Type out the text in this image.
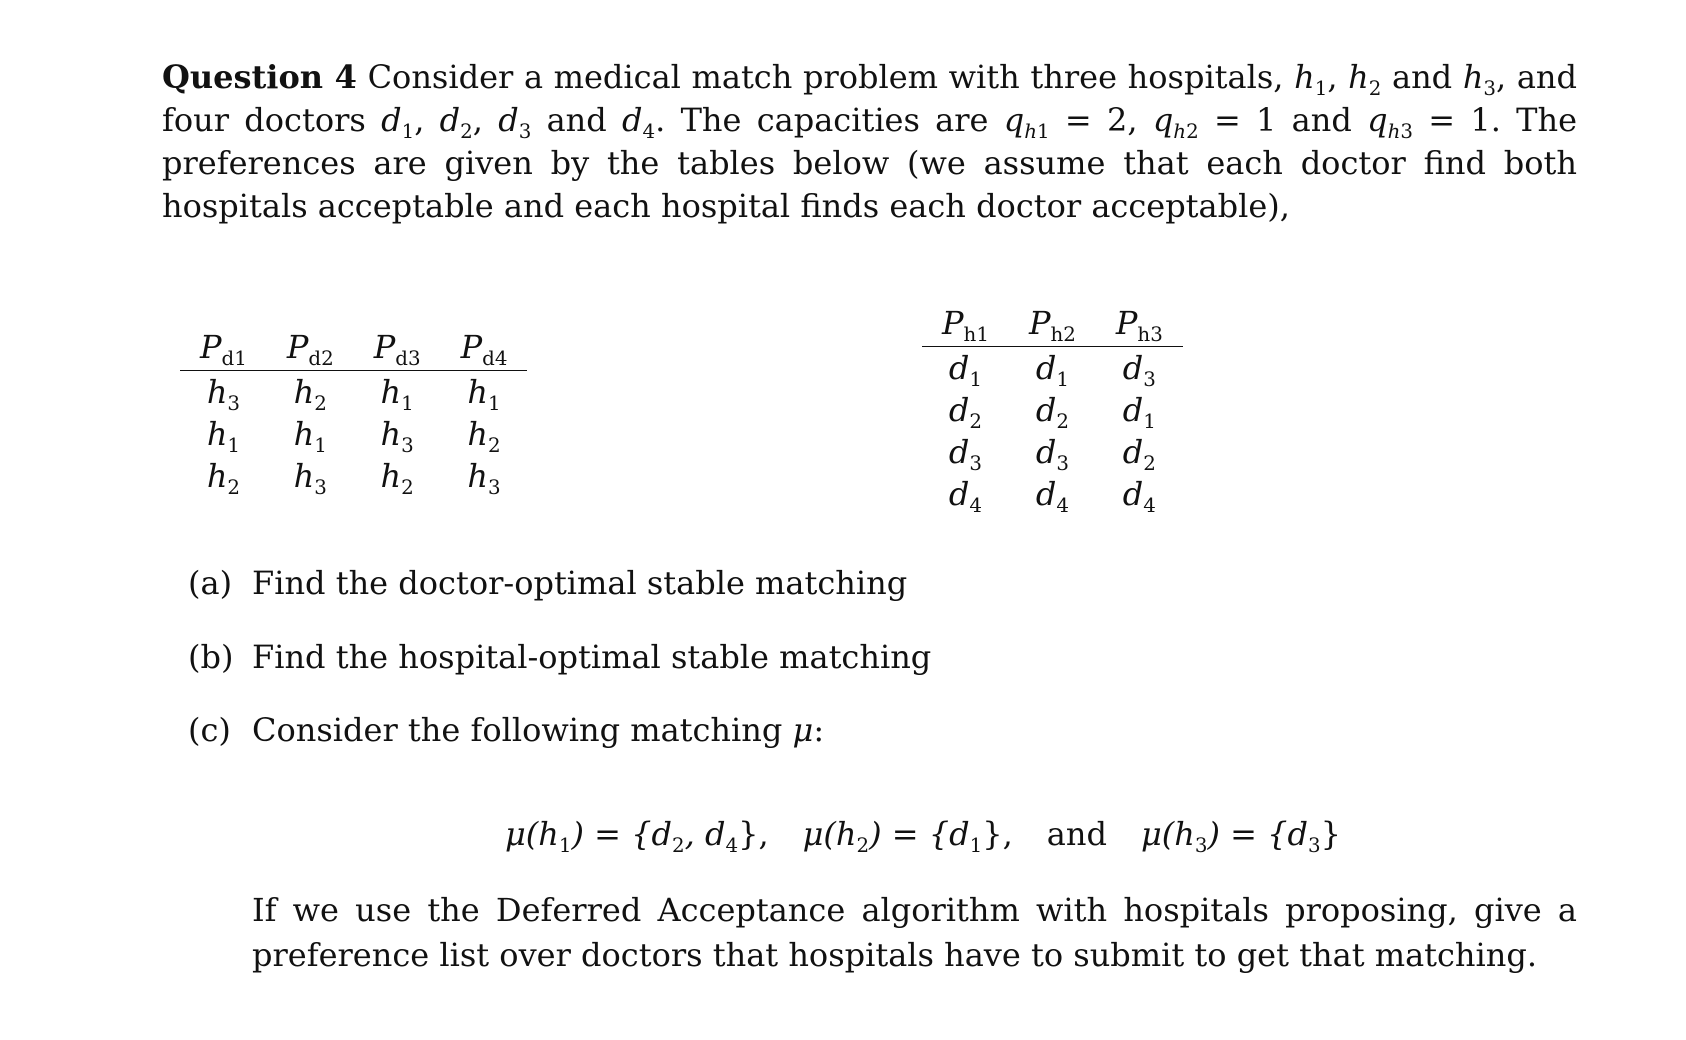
Question 4 Consider a medical match problem with three hospitals, $h_1$, $h_2$ and $h_3$, and four doctors $d_1$, $d_2$, $d_3$ and $d_4$. The capacities are $q_{h1} = 2$, $q_{h2} = 1$ and $q_{h3} = 1$. The preferences are given by the tables below (we assume that each doctor find both hospitals acceptable and each hospital finds each doctor acceptable),
$P_{d1}$	$P_{d2}$	$P_{d3}$	$P_{d4}$
$h_3$	$h_2$	$h_1$	$h_1$
$h_1$	$h_1$	$h_3$	$h_2$
$h_2$	$h_3$	$h_2$	$h_3$
$P_{h1}$	$P_{h2}$	$P_{h3}$
$d_1$	$d_1$	$d_3$
$d_2$	$d_2$	$d_1$
$d_3$	$d_3$	$d_2$
$d_4$	$d_4$	$d_4$
(a) Find the doctor-optimal stable matching
(b) Find the hospital-optimal stable matching
(c) Consider the following matching μ:
$\mu(h_1) = \{d_2$, $d_4$}, $\mu(h_2) = \{d_1\}$, and $\mu(h_3) = \{d_3\}$
If we use the Deferred Acceptance algorithm with hospitals proposing, give a preference list over doctors that hospitals have to submit to get that matching.
